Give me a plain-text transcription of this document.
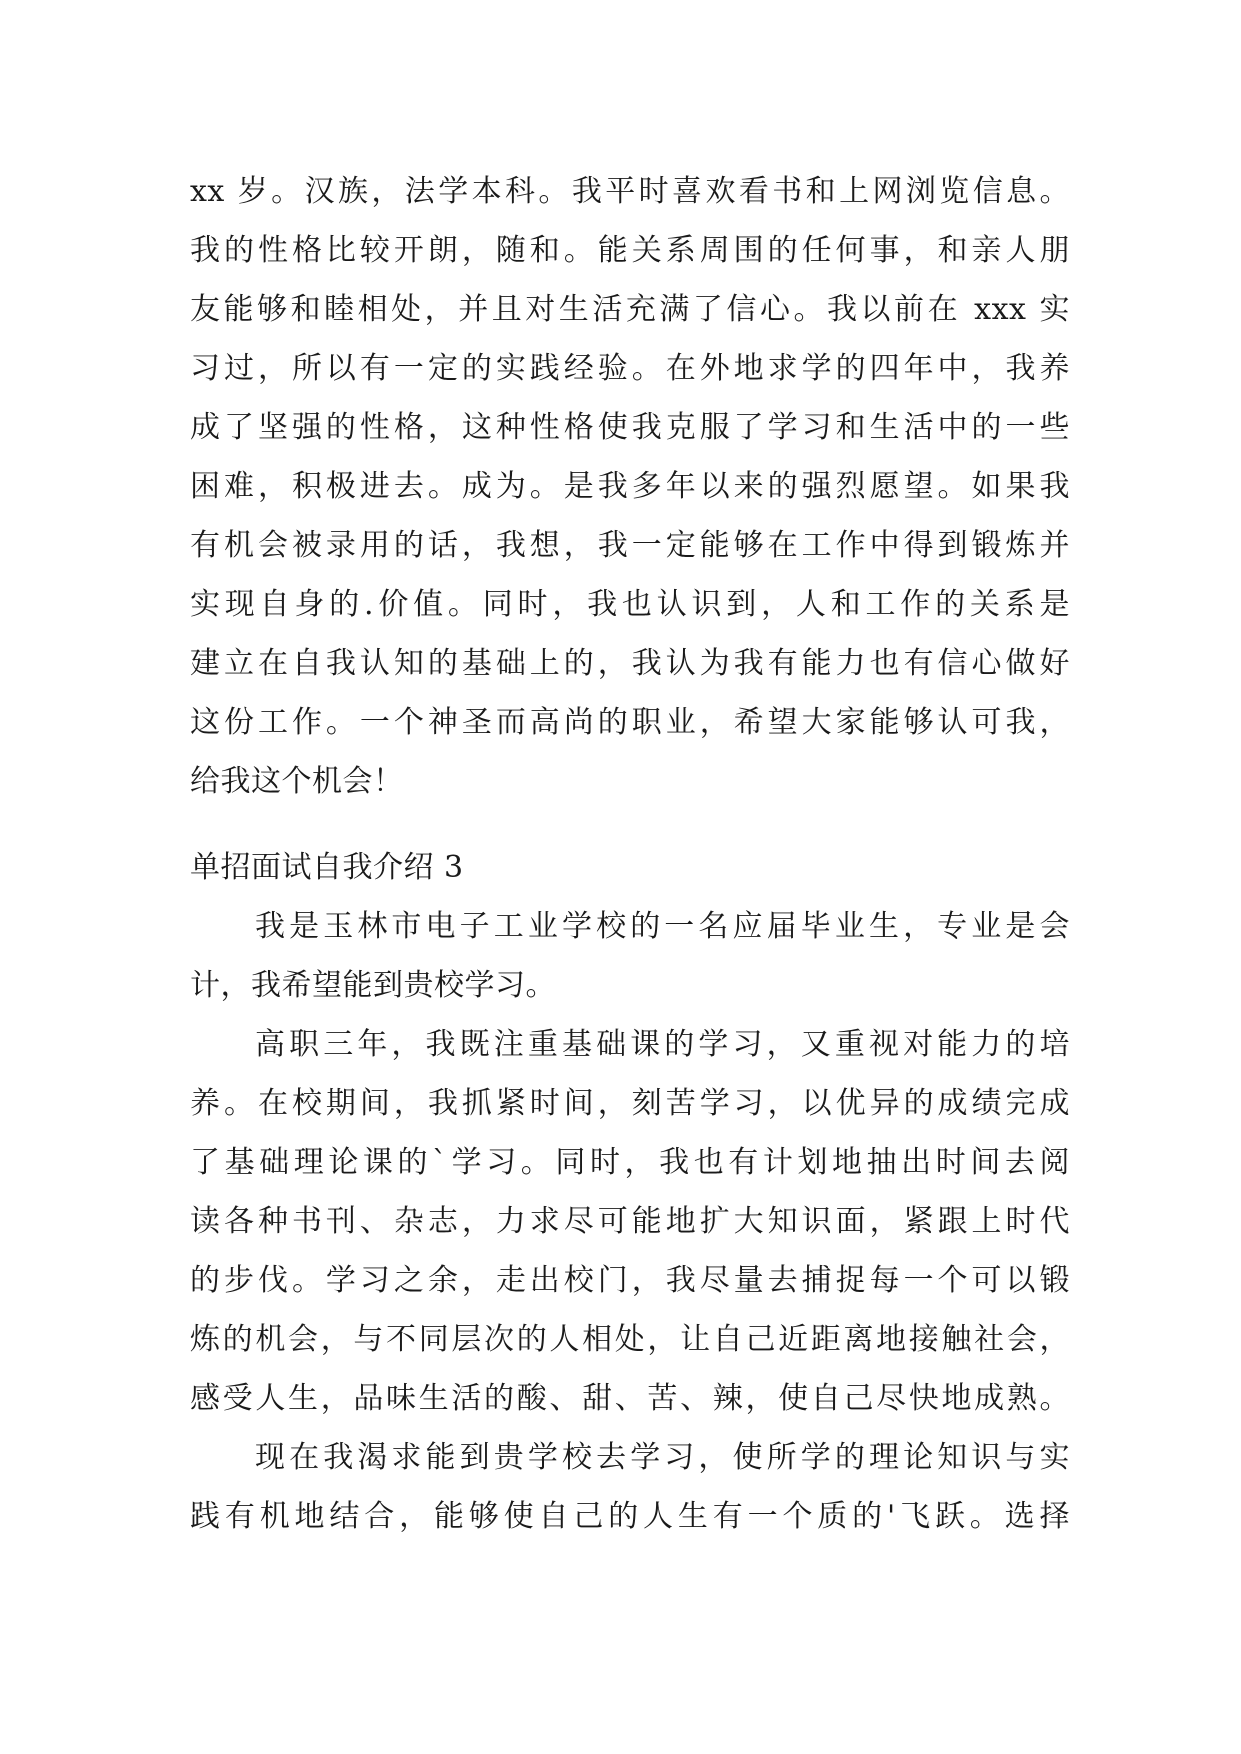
xx 岁。汉族，法学本科。我平时喜欢看书和上网浏览信息。
我的性格比较开朗，随和。能关系周围的任何事，和亲人朋
友能够和睦相处，并且对生活充满了信心。我以前在 xxx 实
习过，所以有一定的实践经验。在外地求学的四年中，我养
成了坚强的性格，这种性格使我克服了学习和生活中的一些
困难，积极进去。成为。是我多年以来的强烈愿望。如果我
有机会被录用的话，我想，我一定能够在工作中得到锻炼并
实现自身的.价值。同时，我也认识到，人和工作的关系是
建立在自我认知的基础上的，我认为我有能力也有信心做好
这份工作。一个神圣而高尚的职业，希望大家能够认可我，
给我这个机会！
单招面试自我介绍 3
我是玉林市电子工业学校的一名应届毕业生，专业是会
计，我希望能到贵校学习。
高职三年，我既注重基础课的学习，又重视对能力的培
养。在校期间，我抓紧时间，刻苦学习，以优异的成绩完成
了基础理论课的`学习。同时，我也有计划地抽出时间去阅
读各种书刊、杂志，力求尽可能地扩大知识面，紧跟上时代
的步伐。学习之余，走出校门，我尽量去捕捉每一个可以锻
炼的机会，与不同层次的人相处，让自己近距离地接触社会，
感受人生，品味生活的酸、甜、苦、辣，使自己尽快地成熟。
现在我渴求能到贵学校去学习，使所学的理论知识与实
践有机地结合，能够使自己的人生有一个质的'飞跃。选择
